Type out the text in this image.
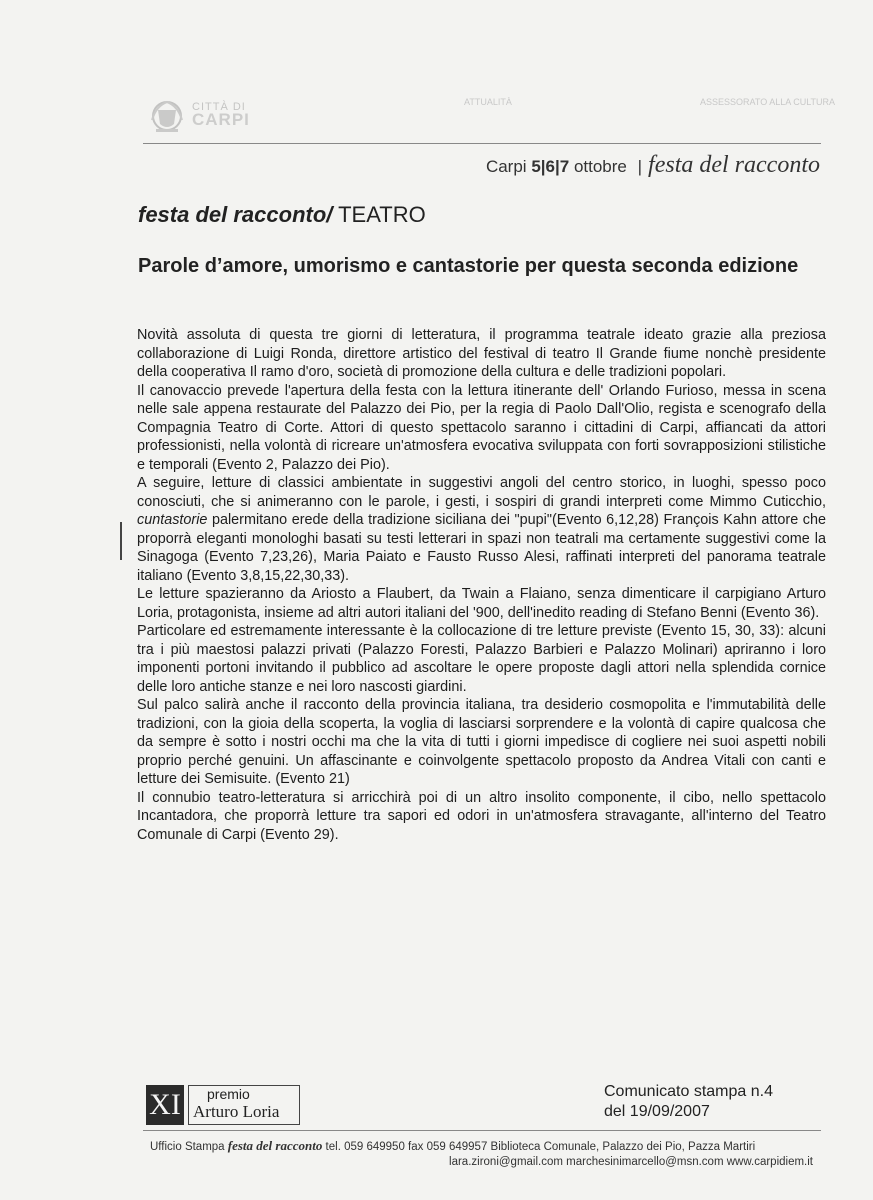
CITTÀ DI
CARPI
ATTUALITÀ	ASSESSORATO ALLA CULTURA
Carpi 5|6|7 ottobre | festa del racconto
festa del racconto/ TEATRO
Parole d’amore, umorismo e cantastorie per questa seconda edizione

Novità assoluta di questa tre giorni di letteratura, il programma teatrale ideato grazie alla preziosa collaborazione di Luigi Ronda, direttore artistico del festival di teatro Il Grande fiume nonchè presidente della cooperativa Il ramo d'oro, società di promozione della cultura e delle tradizioni popolari.

Il canovaccio prevede l'apertura della festa con la lettura itinerante dell' Orlando Furioso, messa in scena nelle sale appena restaurate del Palazzo dei Pio, per la regia di Paolo Dall'Olio, regista e scenografo della Compagnia Teatro di Corte. Attori di questo spettacolo saranno i cittadini di Carpi, affiancati da attori professionisti, nella volontà di ricreare un'atmosfera evocativa sviluppata con forti sovrapposizioni stilistiche e temporali (Evento 2, Palazzo dei Pio).

A seguire, letture di classici ambientate in suggestivi angoli del centro storico, in luoghi, spesso poco conosciuti, che si animeranno con le parole, i gesti, i sospiri di grandi interpreti come Mimmo Cuticchio, cuntastorie palermitano erede della tradizione siciliana dei "pupi"(Evento 6,12,28) François Kahn attore che proporrà eleganti monologhi basati su testi letterari in spazi non teatrali ma certamente suggestivi come la Sinagoga (Evento 7,23,26), Maria Paiato e Fausto Russo Alesi, raffinati interpreti del panorama teatrale italiano (Evento 3,8,15,22,30,33).

Le letture spazieranno da Ariosto a Flaubert, da Twain a Flaiano, senza dimenticare il carpigiano Arturo Loria, protagonista, insieme ad altri autori italiani del '900, dell'inedito reading di Stefano Benni (Evento 36).

Particolare ed estremamente interessante è la collocazione di tre letture previste (Evento 15, 30, 33): alcuni tra i più maestosi palazzi privati (Palazzo Foresti, Palazzo Barbieri e Palazzo Molinari) apriranno i loro imponenti portoni invitando il pubblico ad ascoltare le opere proposte dagli attori nella splendida cornice delle loro antiche stanze e nei loro nascosti giardini.

Sul palco salirà anche il racconto della provincia italiana, tra desiderio cosmopolita e l'immutabilità delle tradizioni, con la gioia della scoperta, la voglia di lasciarsi sorprendere e la volontà di capire qualcosa che da sempre è sotto i nostri occhi ma che la vita di tutti i giorni impedisce di cogliere nei suoi aspetti nobili proprio perché genuini. Un affascinante e coinvolgente spettacolo proposto da Andrea Vitali con canti e letture dei Semisuite. (Evento 21)

Il connubio teatro-letteratura si arricchirà poi di un altro insolito componente, il cibo, nello spettacolo Incantadora, che proporrà letture tra sapori ed odori in un'atmosfera stravagante, all'interno del Teatro Comunale di Carpi (Evento 29).

XI premio
Arturo Loria
Comunicato stampa n.4
del 19/09/2007
Ufficio Stampa festa del racconto tel. 059 649950 fax 059 649957 Biblioteca Comunale, Palazzo dei Pio, Pazza Martiri
lara.zironi@gmail.com marchesinimarcello@msn.com www.carpidiem.it
